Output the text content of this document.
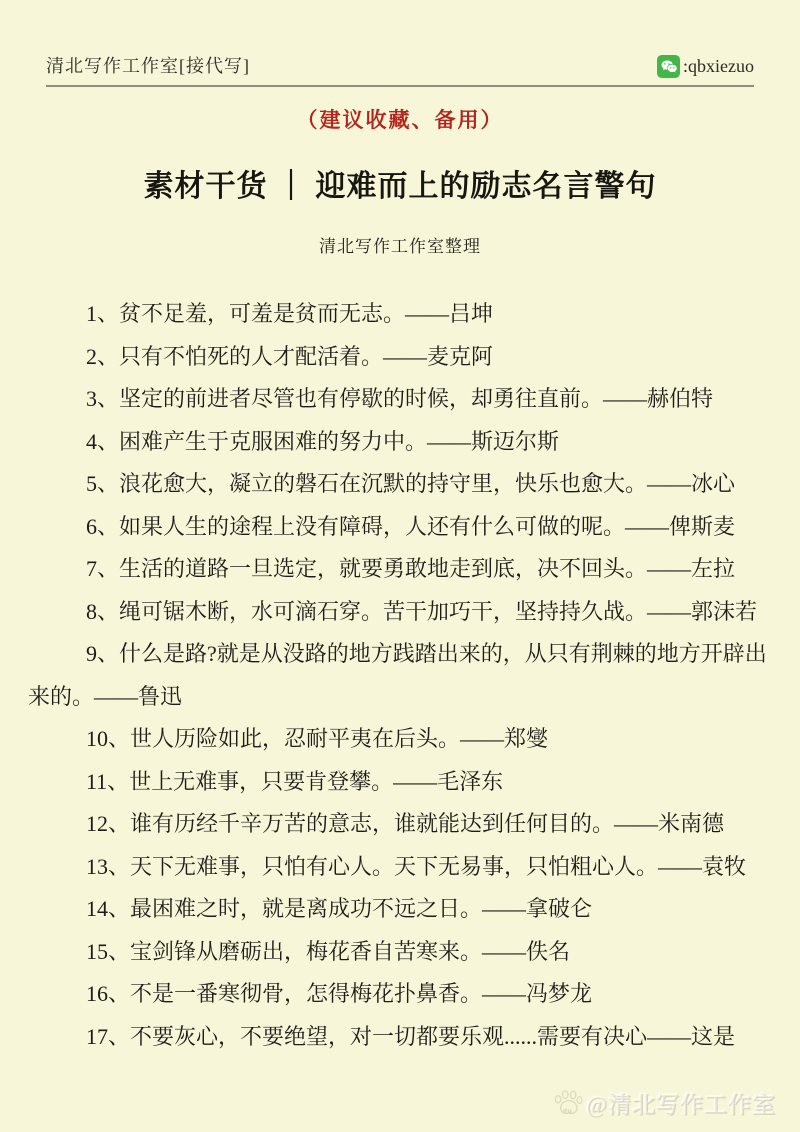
清北写作工作室[接代写]	:qbxiezuo
（建议收藏、备用）
素材干货 ｜ 迎难而上的励志名言警句
清北写作工作室整理

1、贫不足羞，可羞是贫而无志。——吕坤

2、只有不怕死的人才配活着。——麦克阿

3、坚定的前进者尽管也有停歇的时候，却勇往直前。——赫伯特

4、困难产生于克服困难的努力中。——斯迈尔斯

5、浪花愈大，凝立的磐石在沉默的持守里，快乐也愈大。——冰心

6、如果人生的途程上没有障碍，人还有什么可做的呢。——俾斯麦

7、生活的道路一旦选定，就要勇敢地走到底，决不回头。——左拉

8、绳可锯木断，水可滴石穿。苦干加巧干，坚持持久战。——郭沫若

9、什么是路?就是从没路的地方践踏出来的，从只有荆棘的地方开辟出来的。——鲁迅

10、世人历险如此，忍耐平夷在后头。——郑燮

11、世上无难事，只要肯登攀。——毛泽东

12、谁有历经千辛万苦的意志，谁就能达到任何目的。——米南德

13、天下无难事，只怕有心人。天下无易事，只怕粗心人。——袁牧

14、最困难之时，就是离成功不远之日。——拿破仑

15、宝剑锋从磨砺出，梅花香自苦寒来。——佚名

16、不是一番寒彻骨，怎得梅花扑鼻香。——冯梦龙

17、不要灰心，不要绝望，对一切都要乐观......需要有决心——这是

du @清北写作工作室
